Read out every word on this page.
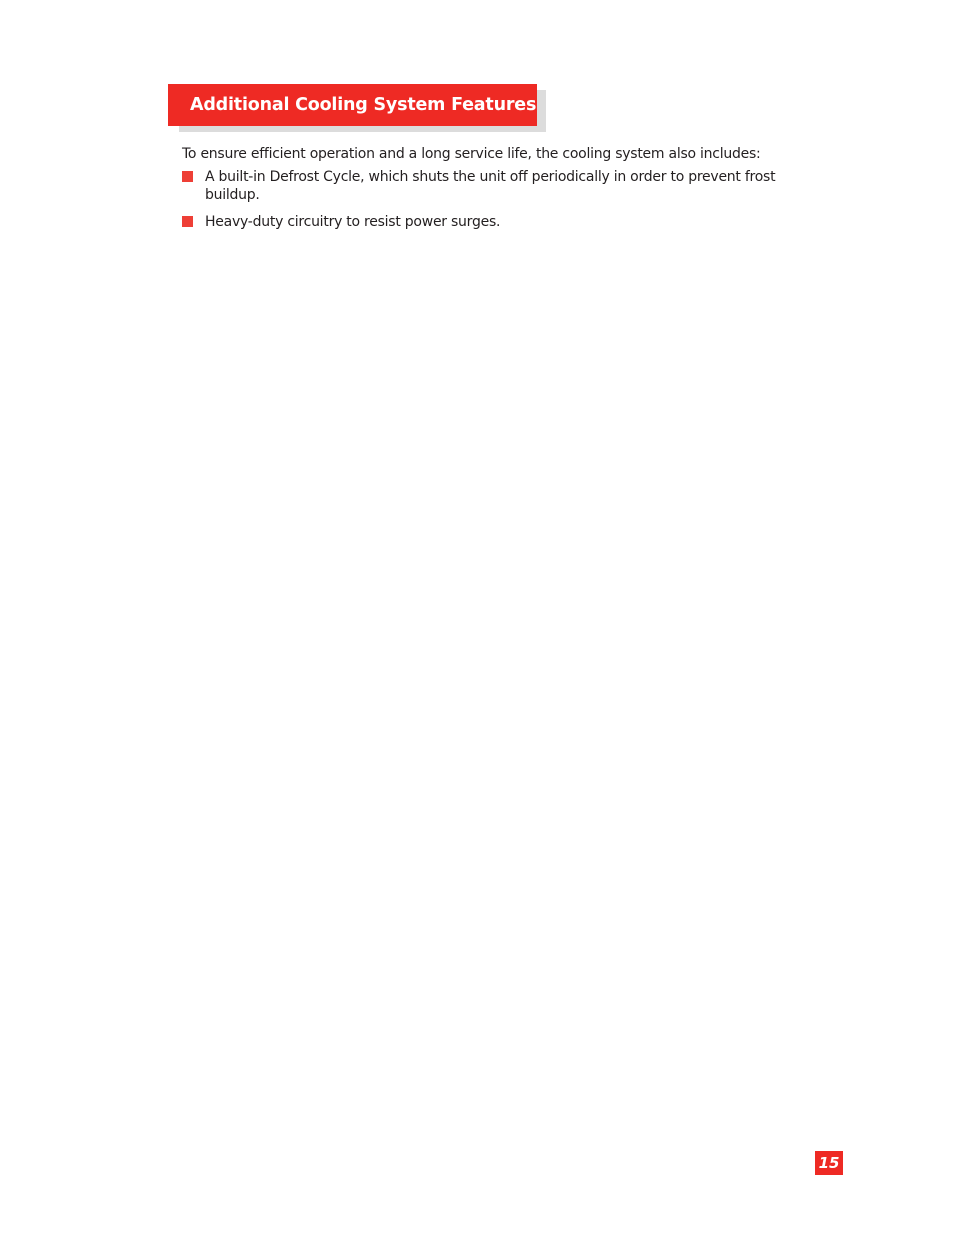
Additional Cooling System Features

To ensure efficient operation and a long service life, the cooling system also includes:

A built-in Defrost Cycle, which shuts the unit off periodically in order to prevent frost buildup.
Heavy-duty circuitry to resist power surges.
15
